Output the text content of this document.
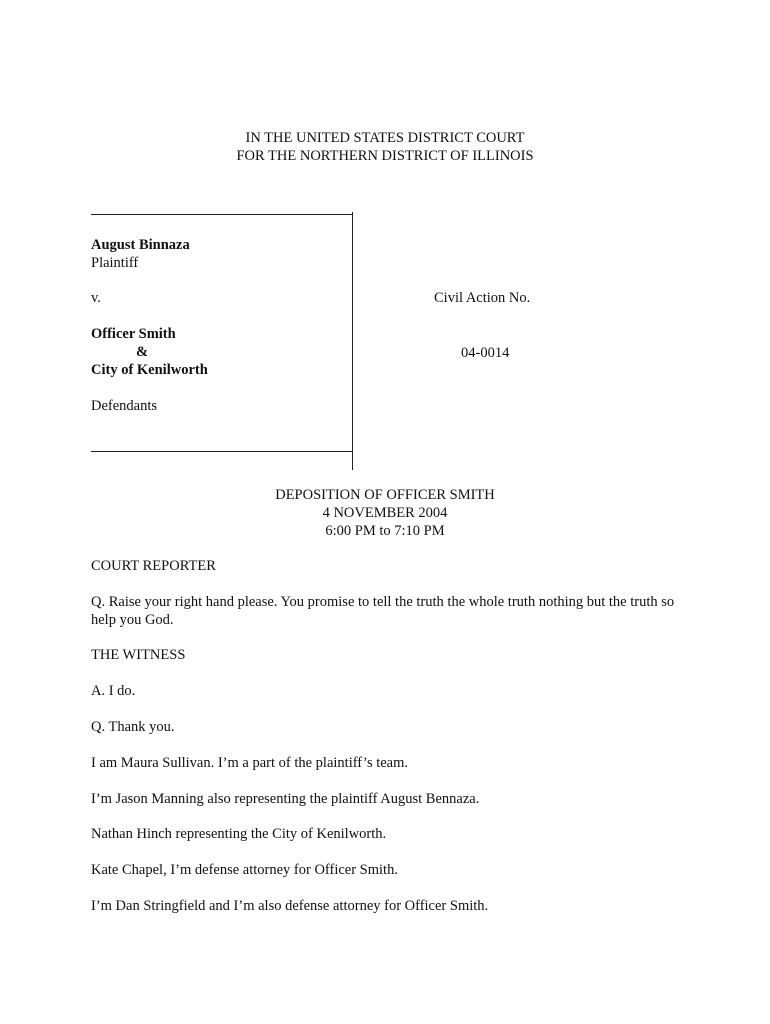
IN THE UNITED STATES DISTRICT COURT
FOR THE NORTHERN DISTRICT OF ILLINOIS
August Binnaza
Plaintiff
v.
Officer Smith
&
City of Kenilworth
Defendants
Civil Action No.
04-0014
DEPOSITION OF OFFICER SMITH
4 NOVEMBER 2004
6:00 PM to 7:10 PM
COURT REPORTER
Q. Raise your right hand please. You promise to tell the truth the whole truth nothing but the truth so help you God.
THE WITNESS
A. I do.
Q. Thank you.
I am Maura Sullivan. I’m a part of the plaintiff’s team.
I’m Jason Manning also representing the plaintiff August Bennaza.
Nathan Hinch representing the City of Kenilworth.
Kate Chapel, I’m defense attorney for Officer Smith.
I’m Dan Stringfield and I’m also defense attorney for Officer Smith.
